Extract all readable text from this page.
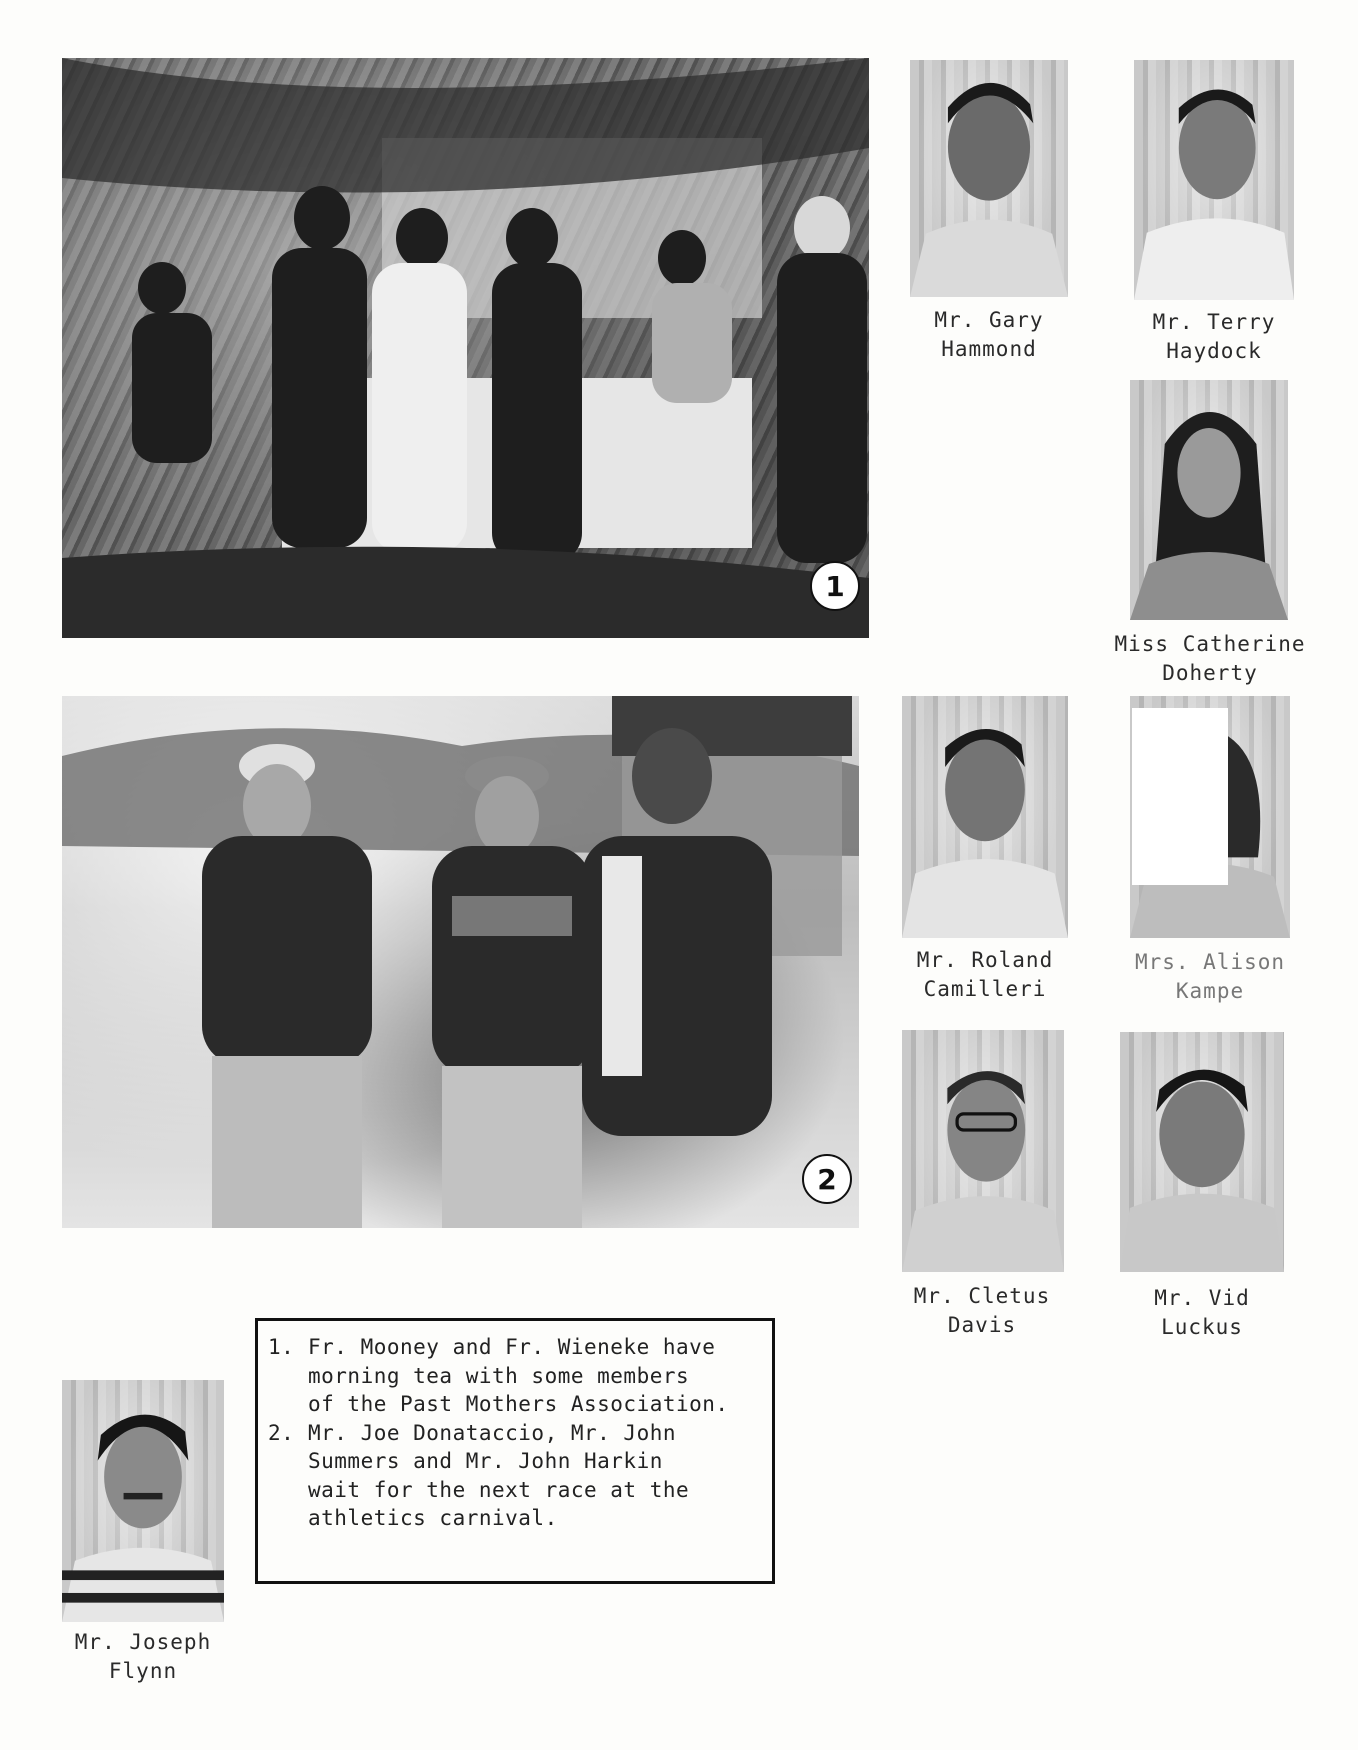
1
2
Mr. Gary
Hammond
Mr. Terry
Haydock
Miss Catherine
Doherty
Mr. Roland
Camilleri
Mrs. Alison
Kampe
Mr. Cletus
Davis
Mr. Vid
Luckus
Mr. Joseph
Flynn
1. Fr. Mooney and Fr. Wieneke have
morning tea with some members
of the Past Mothers Association.
2. Mr. Joe Donataccio, Mr. John
Summers and Mr. John Harkin
wait for the next race at the
athletics carnival.
